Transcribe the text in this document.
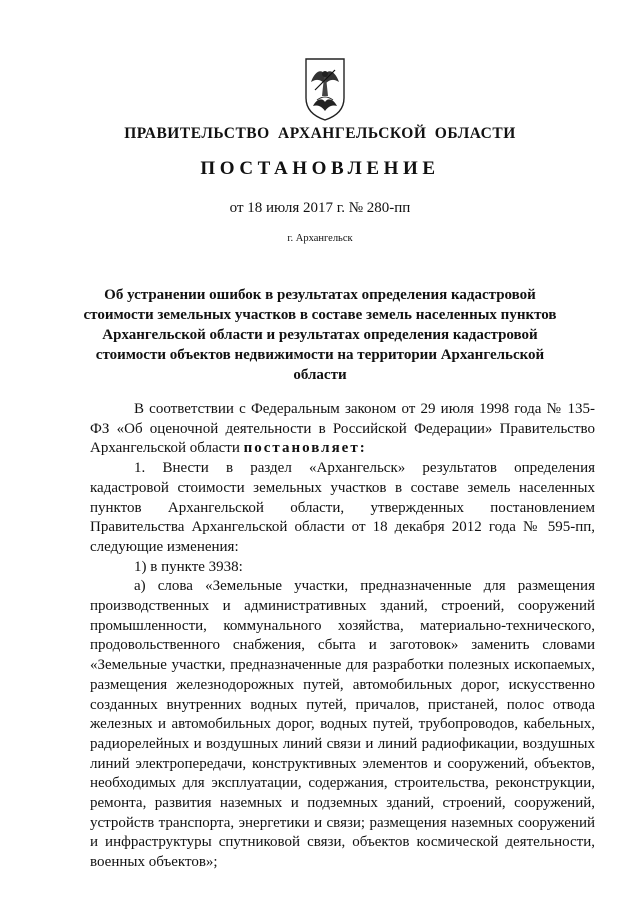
ПРАВИТЕЛЬСТВО АРХАНГЕЛЬСКОЙ ОБЛАСТИ
ПОСТАНОВЛЕНИЕ
от 18 июля 2017 г. № 280-пп
г. Архангельск
Об устранении ошибок в результатах определения кадастровой стоимости земельных участков в составе земель населенных пунктов Архангельской области и результатах определения кадастровой стоимости объектов недвижимости на территории Архангельской области

В соответствии с Федеральным законом от 29 июля 1998 года № 135-ФЗ «Об оценочной деятельности в Российской Федерации» Правительство Архангельской области постановляет:

1. Внести в раздел «Архангельск» результатов определения кадастровой стоимости земельных участков в составе земель населенных пунктов Архангельской области, утвержденных постановлением Правительства Архангельской области от 18 декабря 2012 года № 595-пп, следующие изменения:

1) в пункте 3938:

а) слова «Земельные участки, предназначенные для размещения производственных и административных зданий, строений, сооружений промышленности, коммунального хозяйства, материально-технического, продовольственного снабжения, сбыта и заготовок» заменить словами «Земельные участки, предназначенные для разработки полезных ископаемых, размещения железнодорожных путей, автомобильных дорог, искусственно созданных внутренних водных путей, причалов, пристаней, полос отвода железных и автомобильных дорог, водных путей, трубопроводов, кабельных, радиорелейных и воздушных линий связи и линий радиофикации, воздушных линий электропередачи, конструктивных элементов и сооружений, объектов, необходимых для эксплуатации, содержания, строительства, реконструкции, ремонта, развития наземных и подземных зданий, строений, сооружений, устройств транспорта, энергетики и связи; размещения наземных сооружений и инфраструктуры спутниковой связи, объектов космической деятельности, военных объектов»;
